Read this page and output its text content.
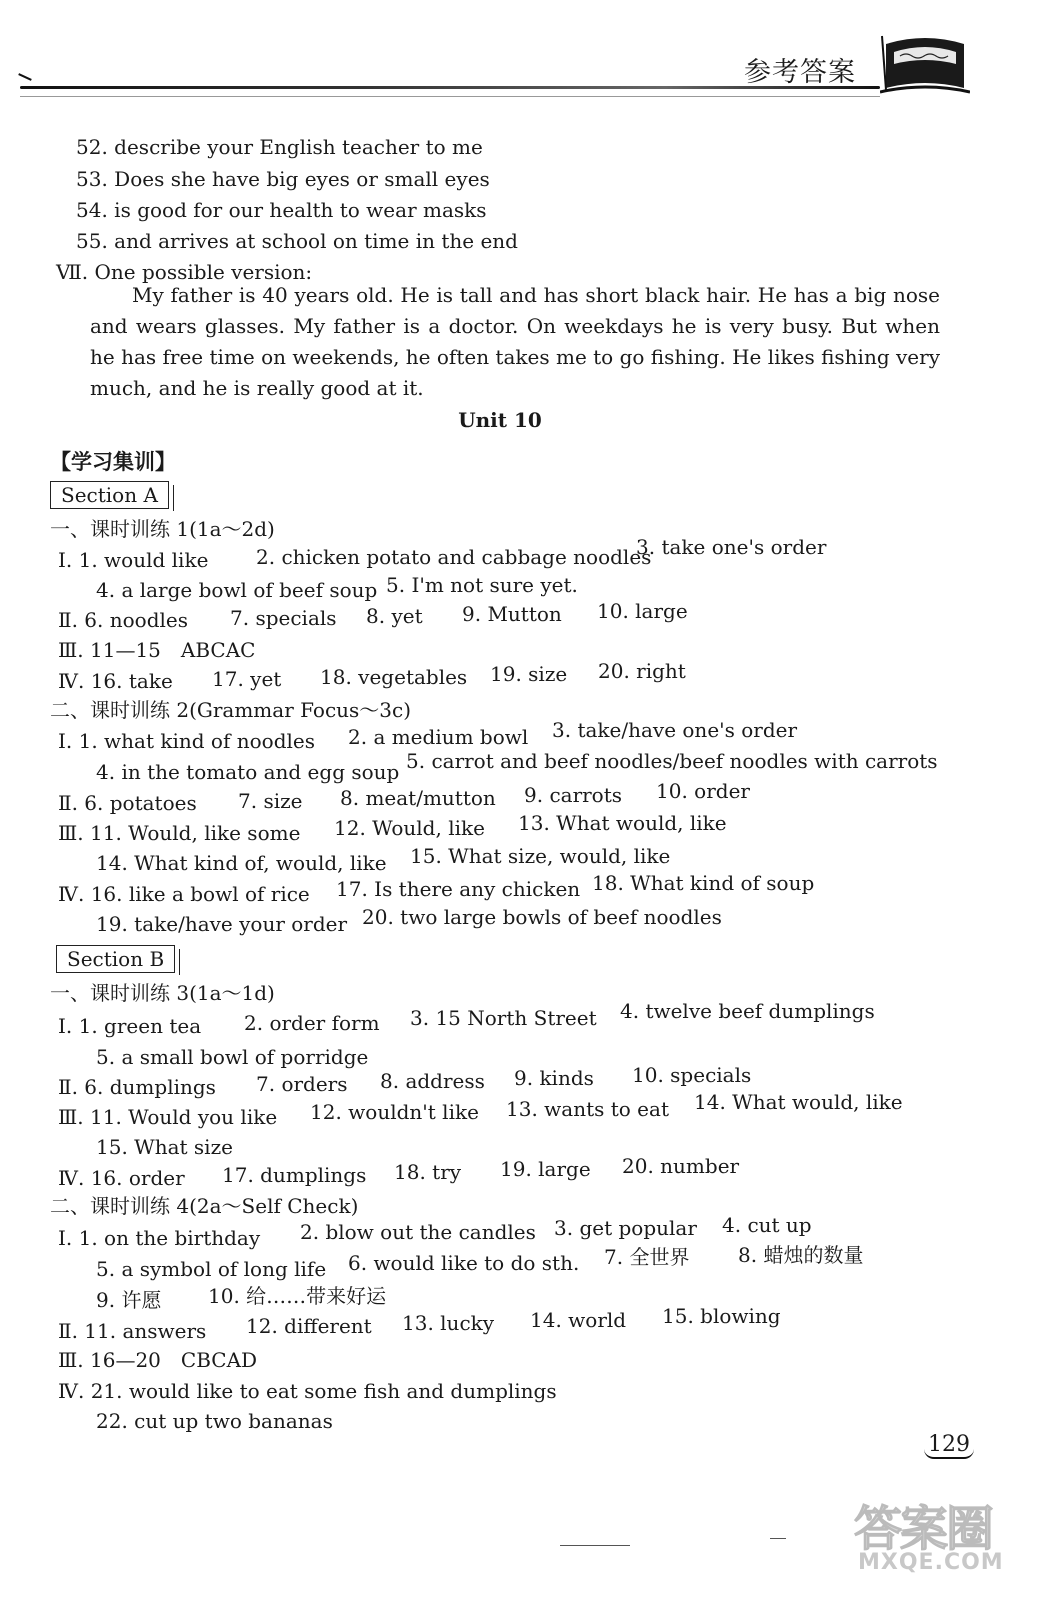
参考答案
52. describe your English teacher to me
53. Does she have big eyes or small eyes
54. is good for our health to wear masks
55. and arrives at school on time in the end
Ⅶ. One possible version:
My father is 40 years old. He is tall and has short black hair. He has a big nose and wears glasses. My father is a doctor. On weekdays he is very busy. But when he has free time on weekends, he often takes me to go fishing. He likes fishing very much, and he is really good at it.
Unit 10
【学习集训】
Section A
一、课时训练 1(1a～2d)
Ⅰ. 1. would like 2. chicken potato and cabbage noodles
3. take one's order
4. a large bowl of beef soup 5. I'm not sure yet.
Ⅱ. 6. noodles 7. specials 8. yet 9. Mutton 10. large
Ⅲ. 11—15　ABCAC
Ⅳ. 16. take 17. yet 18. vegetables 19. size 20. right
二、课时训练 2(Grammar Focus～3c)
Ⅰ. 1. what kind of noodles 2. a medium bowl 3. take/have one's order
4. in the tomato and egg soup 5. carrot and beef noodles/beef noodles with carrots
Ⅱ. 6. potatoes 7. size 8. meat/mutton 9. carrots 10. order
Ⅲ. 11. Would, like some 12. Would, like 13. What would, like
14. What kind of, would, like 15. What size, would, like
Ⅳ. 16. like a bowl of rice 17. Is there any chicken 18. What kind of soup
19. take/have your order 20. two large bowls of beef noodles
Section B
一、课时训练 3(1a～1d)
Ⅰ. 1. green tea 2. order form 3. 15 North Street 4. twelve beef dumplings
5. a small bowl of porridge
Ⅱ. 6. dumplings 7. orders 8. address 9. kinds 10. specials
Ⅲ. 11. Would you like 12. wouldn't like 13. wants to eat 14. What would, like
15. What size
Ⅳ. 16. order 17. dumplings 18. try 19. large 20. number
二、课时训练 4(2a～Self Check)
Ⅰ. 1. on the birthday 2. blow out the candles 3. get popular 4. cut up
5. a symbol of long life 6. would like to do sth. 7. 全世界 8. 蜡烛的数量
9. 许愿 10. 给……带来好运
Ⅱ. 11. answers 12. different 13. lucky 14. world 15. blowing
Ⅲ. 16—20　CBCAD
Ⅳ. 21. would like to eat some fish and dumplings
22. cut up two bananas
129
答案圈
MXQE.COM
